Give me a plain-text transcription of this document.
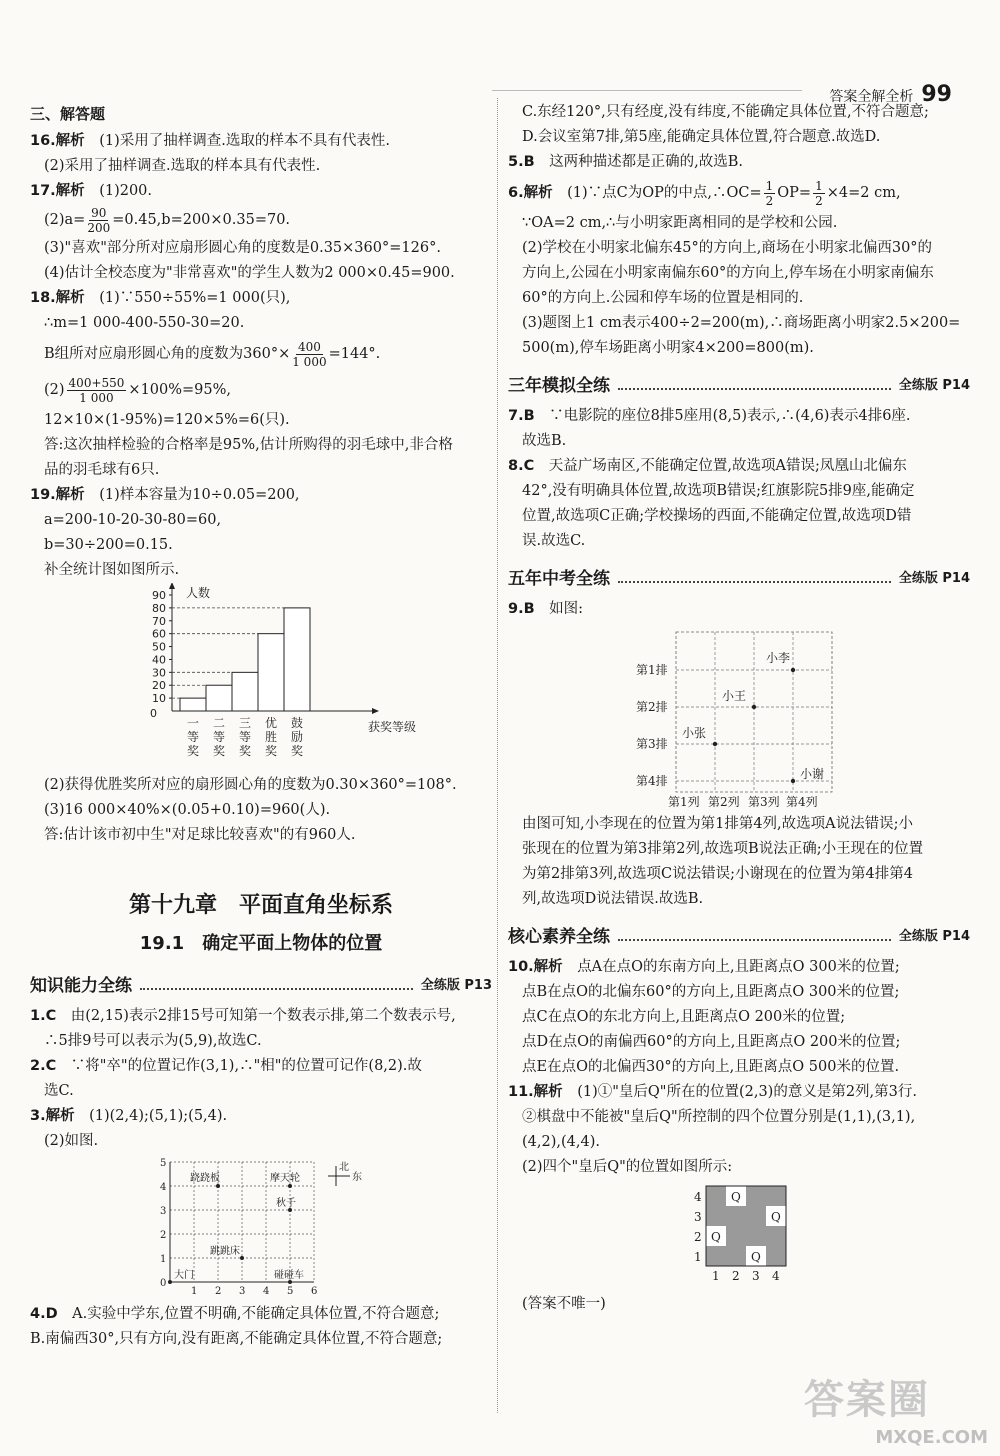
答案全解全析 99
三、解答题
16.解析　 (1)采用了抽样调查.选取的样本不具有代表性.
(2)采用了抽样调查.选取的样本具有代表性.
17.解析　 (1)200.
$(2)a= \frac{90}{200} =0.45,b=200\times 0.35=70$.
(3)"喜欢"部分所对应扇形圆心角的度数是0.35×360°=126°.
(4)估计全校态度为"非常喜欢"的学生人数为2 000×0.45=900.
18.解析　 (1)∵550÷55%=1 000(只),
∴m=1 000-400-550-30=20.
B组所对应扇形圆心角的度数为$360^\circ\times \frac{400}{1 000} =144^\circ$.
$(2) \frac{400+550}{1 000} \times 100\%=95\%$,
12×10×(1-95%)=120×5%=6(只).
答:这次抽样检验的合格率是95%,估计所购得的羽毛球中,非合格
品的羽毛球有6只.
19.解析　 (1)样本容量为10÷0.05=200,
a=200-10-20-30-80=60,
b=30÷200=0.15.
补全统计图如图所示.
0
10
20
30
40
50
60
70
80
90
一
等
奖
二
等
奖
三
等
奖
优
胜
奖
鼓
励
奖
人数
获奖等级
(2)获得优胜奖所对应的扇形圆心角的度数为0.30×360°=108°.
(3)16 000×40%×(0.05+0.10)=960(人).
答:估计该市初中生"对足球比较喜欢"的有960人.
第十九章　平面直角坐标系
19.1　确定平面上物体的位置
知识能力全练	全练版 P13
1.C　 由(2,15)表示2排15号可知第一个数表示排,第二个数表示号,
∴5排9号可以表示为(5,9),故选C.
2.C　 ∵将"卒"的位置记作(3,1),∴"相"的位置可记作(8,2).故
选C.
3.解析　 (1)(2,4);(5,1);(5,4).
(2)如图.
0
1
2
3
4
5
1 2 3 4 5 6
跷跷板	摩天轮
秋千
跳跳床
大门	碰碰车
北
东
4.D　 A.实验中学东,位置不明确,不能确定具体位置,不符合题意;
B.南偏西30°,只有方向,没有距离,不能确定具体位置,不符合题意;
C.东经120°,只有经度,没有纬度,不能确定具体位置,不符合题意;
D.会议室第7排,第5座,能确定具体位置,符合题意.故选D.
5.B　 这两种描述都是正确的,故选B.
6.解析　 (1)∵点C为OP的中点,∴OC= $\frac{1}{2} OP= \frac{1}{2} \times 4=2$ cm,
∵OA=2 cm,∴与小明家距离相同的是学校和公园.
(2)学校在小明家北偏东45°的方向上,商场在小明家北偏西30°的
方向上,公园在小明家南偏东60°的方向上,停车场在小明家南偏东
60°的方向上.公园和停车场的位置是相同的.
(3)题图上1 cm表示400÷2=200(m),∴商场距离小明家2.5×200=
500(m),停车场距离小明家4×200=800(m).
三年模拟全练	全练版 P14
7.B　 ∵电影院的座位8排5座用(8,5)表示,∴(4,6)表示4排6座.
故选B.
8.C　 天益广场南区,不能确定位置,故选项A错误;凤凰山北偏东
42°,没有明确具体位置,故选项B错误;红旗影院5排9座,能确定
位置,故选项C正确;学校操场的西面,不能确定位置,故选项D错
误.故选C.
五年中考全练	全练版 P14
9.B　 如图:
第1排
第2排
第3排
第4排
第1列 第2列 第3列 第4列
小李
小王
小张
小谢
由图可知,小李现在的位置为第1排第4列,故选项A说法错误;小
张现在的位置为第3排第2列,故选项B说法正确;小王现在的位置
为第2排第3列,故选项C说法错误;小谢现在的位置为第4排第4
列,故选项D说法错误.故选B.
核心素养全练	全练版 P14
10.解析　 点A在点O的东南方向上,且距离点O 300米的位置;
点B在点O的北偏东60°的方向上,且距离点O 300米的位置;
点C在点O的东北方向上,且距离点O 200米的位置;
点D在点O的南偏西60°的方向上,且距离点O 200米的位置;
点E在点O的北偏西30°的方向上,且距离点O 500米的位置.
11.解析　 (1)①"皇后Q"所在的位置(2,3)的意义是第2列,第3行.
②棋盘中不能被"皇后Q"所控制的四个位置分别是(1,1),(3,1),
(4,2),(4,4).
(2)四个"皇后Q"的位置如图所示:
Q
Q
Q
Q
4
3
2
1
1 2 3 4
(答案不唯一)
答案圈
MXQE.COM
